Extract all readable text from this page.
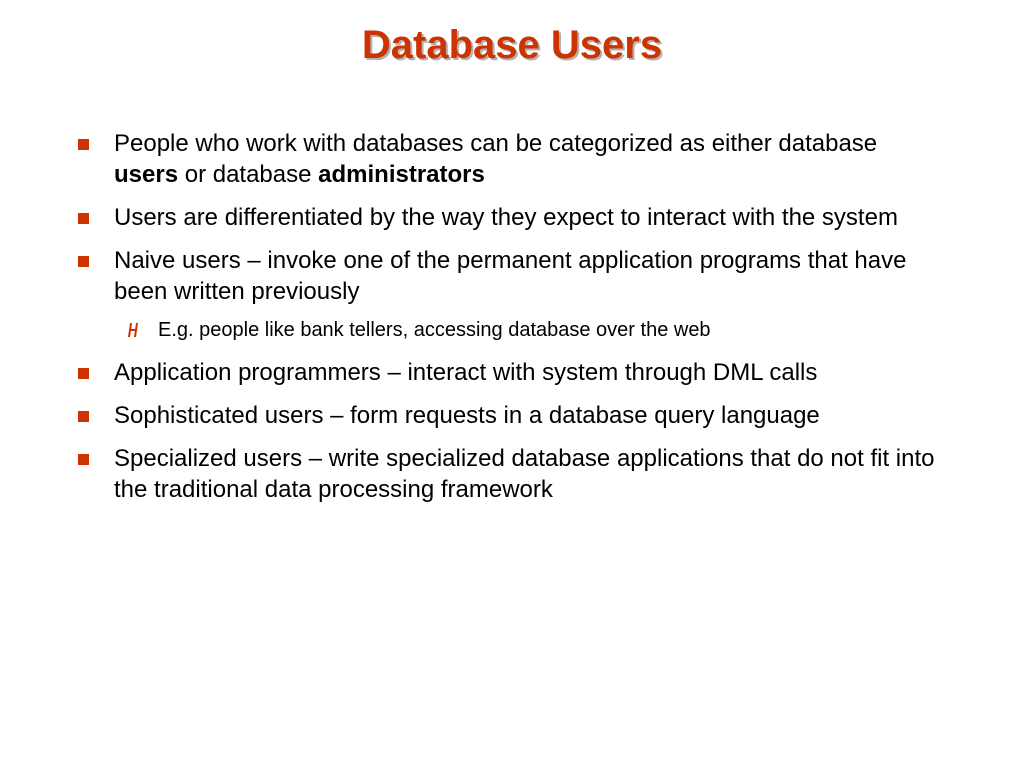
Database Users
People who work with databases can be categorized as either database users or database administrators
Users are differentiated by the way they expect to interact with the system
Naive users – invoke one of the permanent application programs that have been written previously
E.g. people like bank tellers, accessing database over the web
Application programmers – interact with system through DML calls
Sophisticated users – form requests in a database query language
Specialized users – write specialized database applications that do not fit into the traditional data processing framework
